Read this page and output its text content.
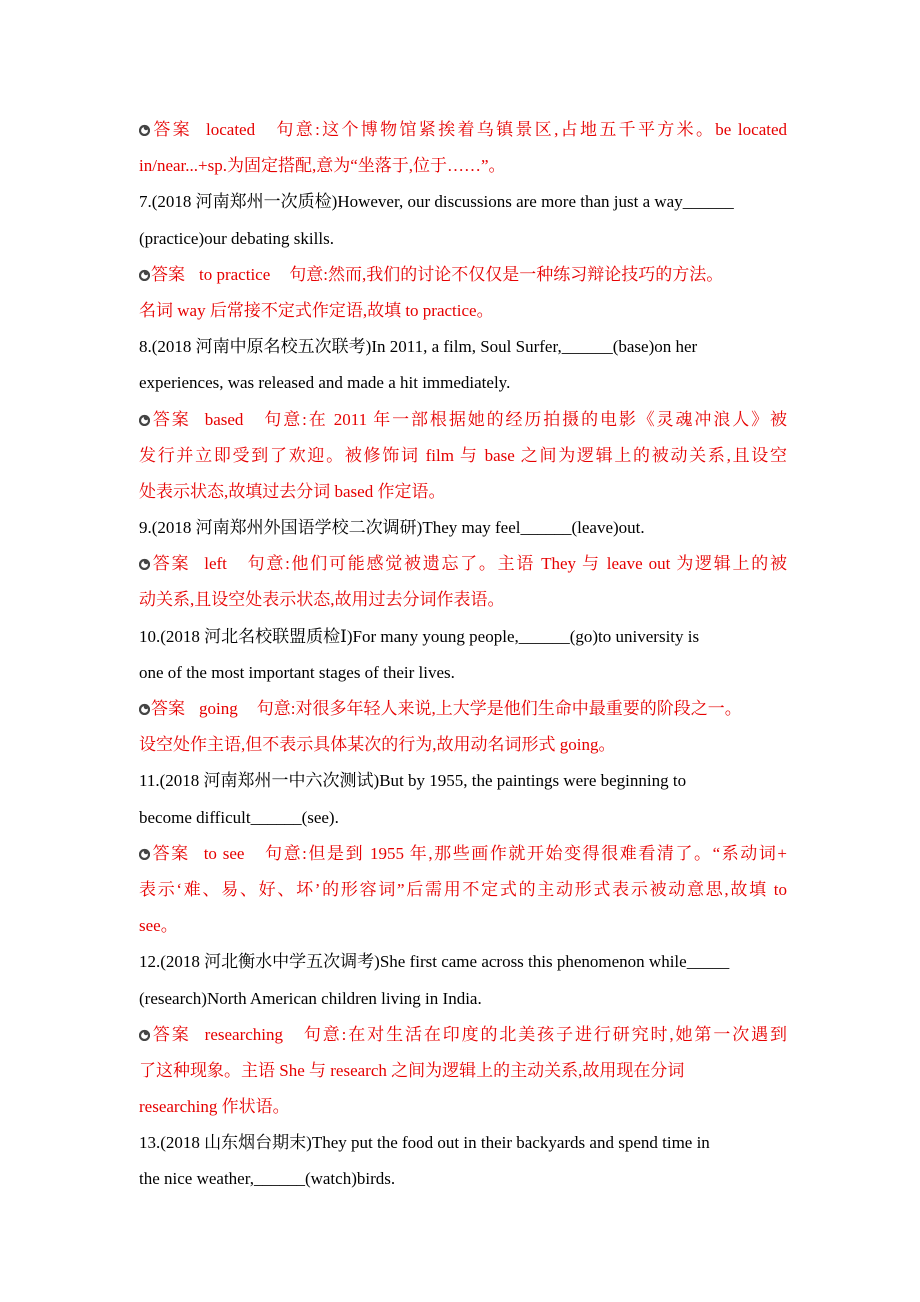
答案 located 句意:这个博物馆紧挨着乌镇景区,占地五千平方米。be located
in/near...+sp.为固定搭配,意为“坐落于,位于……”。
7.(2018 河南郑州一次质检)However, our discussions are more than just a way______
(practice)our debating skills.
答案 to practice 句意:然而,我们的讨论不仅仅是一种练习辩论技巧的方法。
名词 way 后常接不定式作定语,故填 to practice。
8.(2018 河南中原名校五次联考)In 2011, a film, Soul Surfer,______(base)on her
experiences, was released and made a hit immediately.
答案 based 句意:在 2011 年一部根据她的经历拍摄的电影《灵魂冲浪人》被
发行并立即受到了欢迎。被修饰词 film 与 base 之间为逻辑上的被动关系,且设空
处表示状态,故填过去分词 based 作定语。
9.(2018 河南郑州外国语学校二次调研)They may feel______(leave)out.
答案 left 句意:他们可能感觉被遗忘了。主语 They 与 leave out 为逻辑上的被
动关系,且设空处表示状态,故用过去分词作表语。
10.(2018 河北名校联盟质检Ⅰ)For many young people,______(go)to university is
one of the most important stages of their lives.
答案 going 句意:对很多年轻人来说,上大学是他们生命中最重要的阶段之一。
设空处作主语,但不表示具体某次的行为,故用动名词形式 going。
11.(2018 河南郑州一中六次测试)But by 1955, the paintings were beginning to
become difficult______(see).
答案 to see 句意:但是到 1955 年,那些画作就开始变得很难看清了。“系动词+
表示‘难、易、好、坏’的形容词”后需用不定式的主动形式表示被动意思,故填 to
see。
12.(2018 河北衡水中学五次调考)She first came across this phenomenon while_____
(research)North American children living in India.
答案 researching 句意:在对生活在印度的北美孩子进行研究时,她第一次遇到
了这种现象。主语 She 与 research 之间为逻辑上的主动关系,故用现在分词
researching 作状语。
13.(2018 山东烟台期末)They put the food out in their backyards and spend time in
the nice weather,______(watch)birds.
